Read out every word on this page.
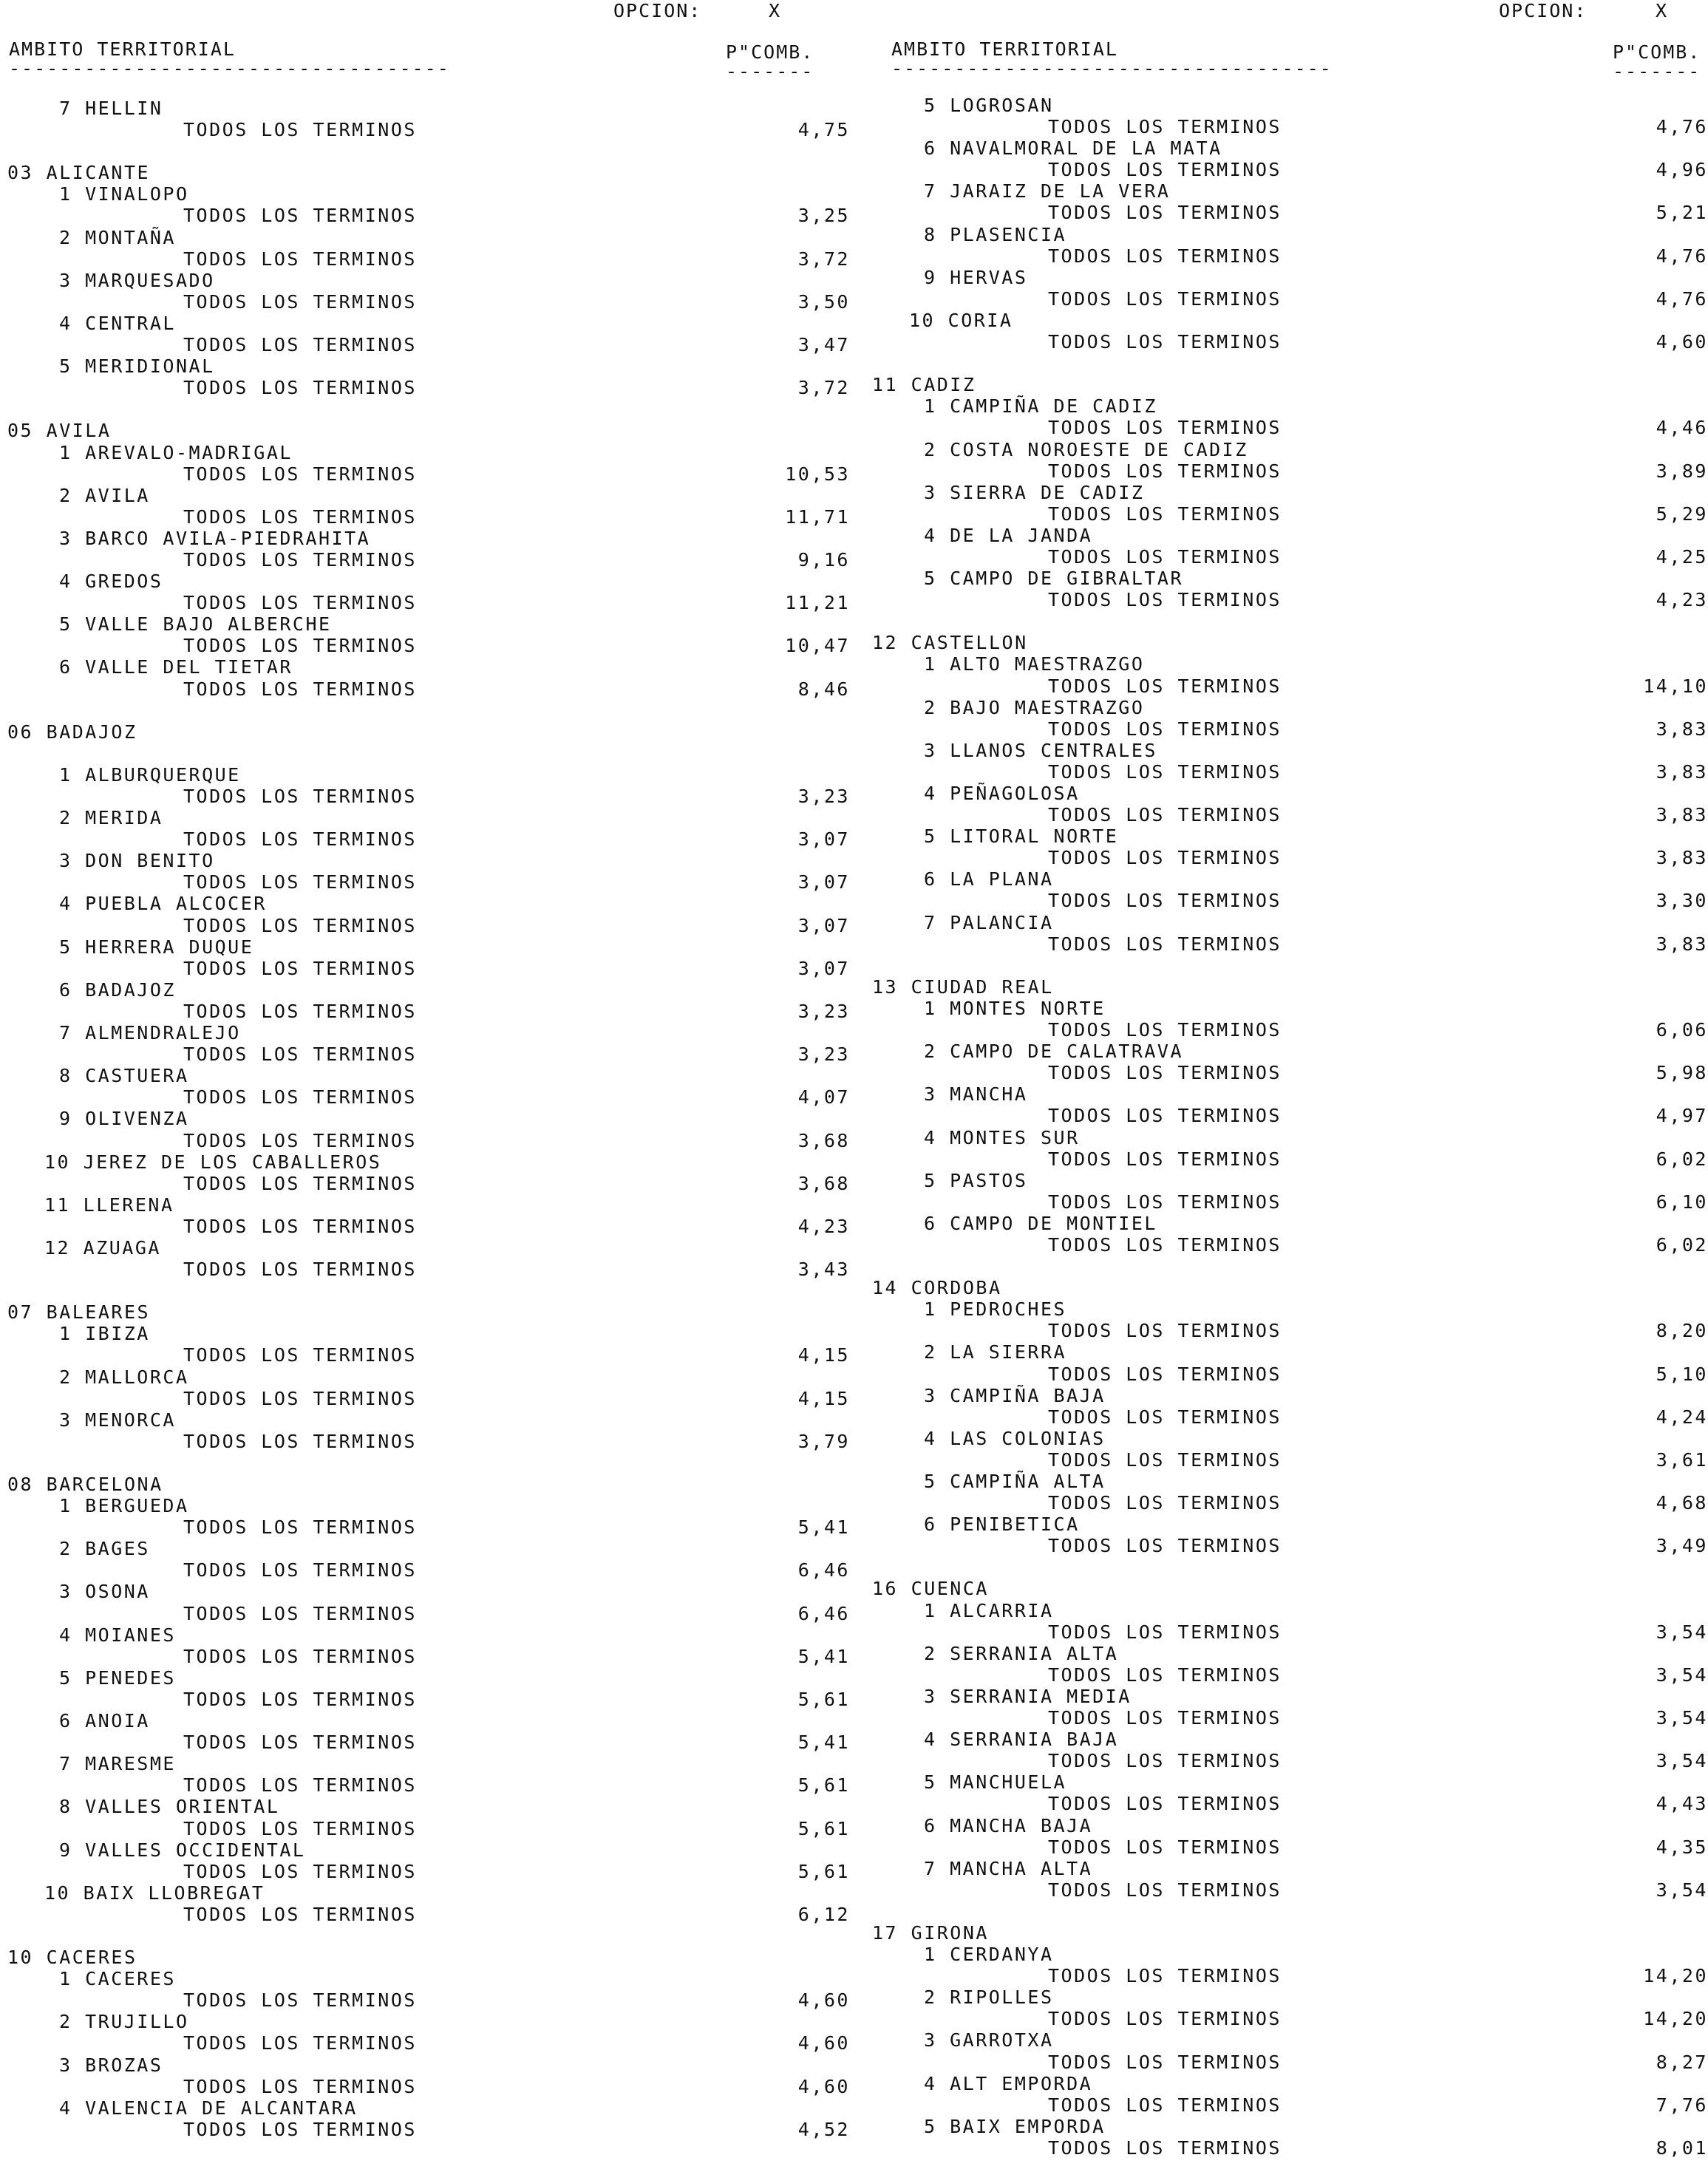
OPCION:	X
AMBITO TERRITORIAL	P"COMB.
-----------------------------------	-------
7 HELLIN
TODOS LOS TERMINOS	4,75
03 ALICANTE
1 VINALOPO
TODOS LOS TERMINOS	3,25
2 MONTAÑA
TODOS LOS TERMINOS	3,72
3 MARQUESADO
TODOS LOS TERMINOS	3,50
4 CENTRAL
TODOS LOS TERMINOS	3,47
5 MERIDIONAL
TODOS LOS TERMINOS	3,72
05 AVILA
1 AREVALO-MADRIGAL
TODOS LOS TERMINOS	10,53
2 AVILA
TODOS LOS TERMINOS	11,71
3 BARCO AVILA-PIEDRAHITA
TODOS LOS TERMINOS	9,16
4 GREDOS
TODOS LOS TERMINOS	11,21
5 VALLE BAJO ALBERCHE
TODOS LOS TERMINOS	10,47
6 VALLE DEL TIETAR
TODOS LOS TERMINOS	8,46
06 BADAJOZ
1 ALBURQUERQUE
TODOS LOS TERMINOS	3,23
2 MERIDA
TODOS LOS TERMINOS	3,07
3 DON BENITO
TODOS LOS TERMINOS	3,07
4 PUEBLA ALCOCER
TODOS LOS TERMINOS	3,07
5 HERRERA DUQUE
TODOS LOS TERMINOS	3,07
6 BADAJOZ
TODOS LOS TERMINOS	3,23
7 ALMENDRALEJO
TODOS LOS TERMINOS	3,23
8 CASTUERA
TODOS LOS TERMINOS	4,07
9 OLIVENZA
TODOS LOS TERMINOS	3,68
10 JEREZ DE LOS CABALLEROS
TODOS LOS TERMINOS	3,68
11 LLERENA
TODOS LOS TERMINOS	4,23
12 AZUAGA
TODOS LOS TERMINOS	3,43
07 BALEARES
1 IBIZA
TODOS LOS TERMINOS	4,15
2 MALLORCA
TODOS LOS TERMINOS	4,15
3 MENORCA
TODOS LOS TERMINOS	3,79
08 BARCELONA
1 BERGUEDA
TODOS LOS TERMINOS	5,41
2 BAGES
TODOS LOS TERMINOS	6,46
3 OSONA
TODOS LOS TERMINOS	6,46
4 MOIANES
TODOS LOS TERMINOS	5,41
5 PENEDES
TODOS LOS TERMINOS	5,61
6 ANOIA
TODOS LOS TERMINOS	5,41
7 MARESME
TODOS LOS TERMINOS	5,61
8 VALLES ORIENTAL
TODOS LOS TERMINOS	5,61
9 VALLES OCCIDENTAL
TODOS LOS TERMINOS	5,61
10 BAIX LLOBREGAT
TODOS LOS TERMINOS	6,12
10 CACERES
1 CACERES
TODOS LOS TERMINOS	4,60
2 TRUJILLO
TODOS LOS TERMINOS	4,60
3 BROZAS
TODOS LOS TERMINOS	4,60
4 VALENCIA DE ALCANTARA
TODOS LOS TERMINOS	4,52
OPCION:	X
AMBITO TERRITORIAL	P"COMB.
-----------------------------------	-------
5 LOGROSAN
TODOS LOS TERMINOS	4,76
6 NAVALMORAL DE LA MATA
TODOS LOS TERMINOS	4,96
7 JARAIZ DE LA VERA
TODOS LOS TERMINOS	5,21
8 PLASENCIA
TODOS LOS TERMINOS	4,76
9 HERVAS
TODOS LOS TERMINOS	4,76
10 CORIA
TODOS LOS TERMINOS	4,60
11 CADIZ
1 CAMPIÑA DE CADIZ
TODOS LOS TERMINOS	4,46
2 COSTA NOROESTE DE CADIZ
TODOS LOS TERMINOS	3,89
3 SIERRA DE CADIZ
TODOS LOS TERMINOS	5,29
4 DE LA JANDA
TODOS LOS TERMINOS	4,25
5 CAMPO DE GIBRALTAR
TODOS LOS TERMINOS	4,23
12 CASTELLON
1 ALTO MAESTRAZGO
TODOS LOS TERMINOS	14,10
2 BAJO MAESTRAZGO
TODOS LOS TERMINOS	3,83
3 LLANOS CENTRALES
TODOS LOS TERMINOS	3,83
4 PEÑAGOLOSA
TODOS LOS TERMINOS	3,83
5 LITORAL NORTE
TODOS LOS TERMINOS	3,83
6 LA PLANA
TODOS LOS TERMINOS	3,30
7 PALANCIA
TODOS LOS TERMINOS	3,83
13 CIUDAD REAL
1 MONTES NORTE
TODOS LOS TERMINOS	6,06
2 CAMPO DE CALATRAVA
TODOS LOS TERMINOS	5,98
3 MANCHA
TODOS LOS TERMINOS	4,97
4 MONTES SUR
TODOS LOS TERMINOS	6,02
5 PASTOS
TODOS LOS TERMINOS	6,10
6 CAMPO DE MONTIEL
TODOS LOS TERMINOS	6,02
14 CORDOBA
1 PEDROCHES
TODOS LOS TERMINOS	8,20
2 LA SIERRA
TODOS LOS TERMINOS	5,10
3 CAMPIÑA BAJA
TODOS LOS TERMINOS	4,24
4 LAS COLONIAS
TODOS LOS TERMINOS	3,61
5 CAMPIÑA ALTA
TODOS LOS TERMINOS	4,68
6 PENIBETICA
TODOS LOS TERMINOS	3,49
16 CUENCA
1 ALCARRIA
TODOS LOS TERMINOS	3,54
2 SERRANIA ALTA
TODOS LOS TERMINOS	3,54
3 SERRANIA MEDIA
TODOS LOS TERMINOS	3,54
4 SERRANIA BAJA
TODOS LOS TERMINOS	3,54
5 MANCHUELA
TODOS LOS TERMINOS	4,43
6 MANCHA BAJA
TODOS LOS TERMINOS	4,35
7 MANCHA ALTA
TODOS LOS TERMINOS	3,54
17 GIRONA
1 CERDANYA
TODOS LOS TERMINOS	14,20
2 RIPOLLES
TODOS LOS TERMINOS	14,20
3 GARROTXA
TODOS LOS TERMINOS	8,27
4 ALT EMPORDA
TODOS LOS TERMINOS	7,76
5 BAIX EMPORDA
TODOS LOS TERMINOS	8,01
